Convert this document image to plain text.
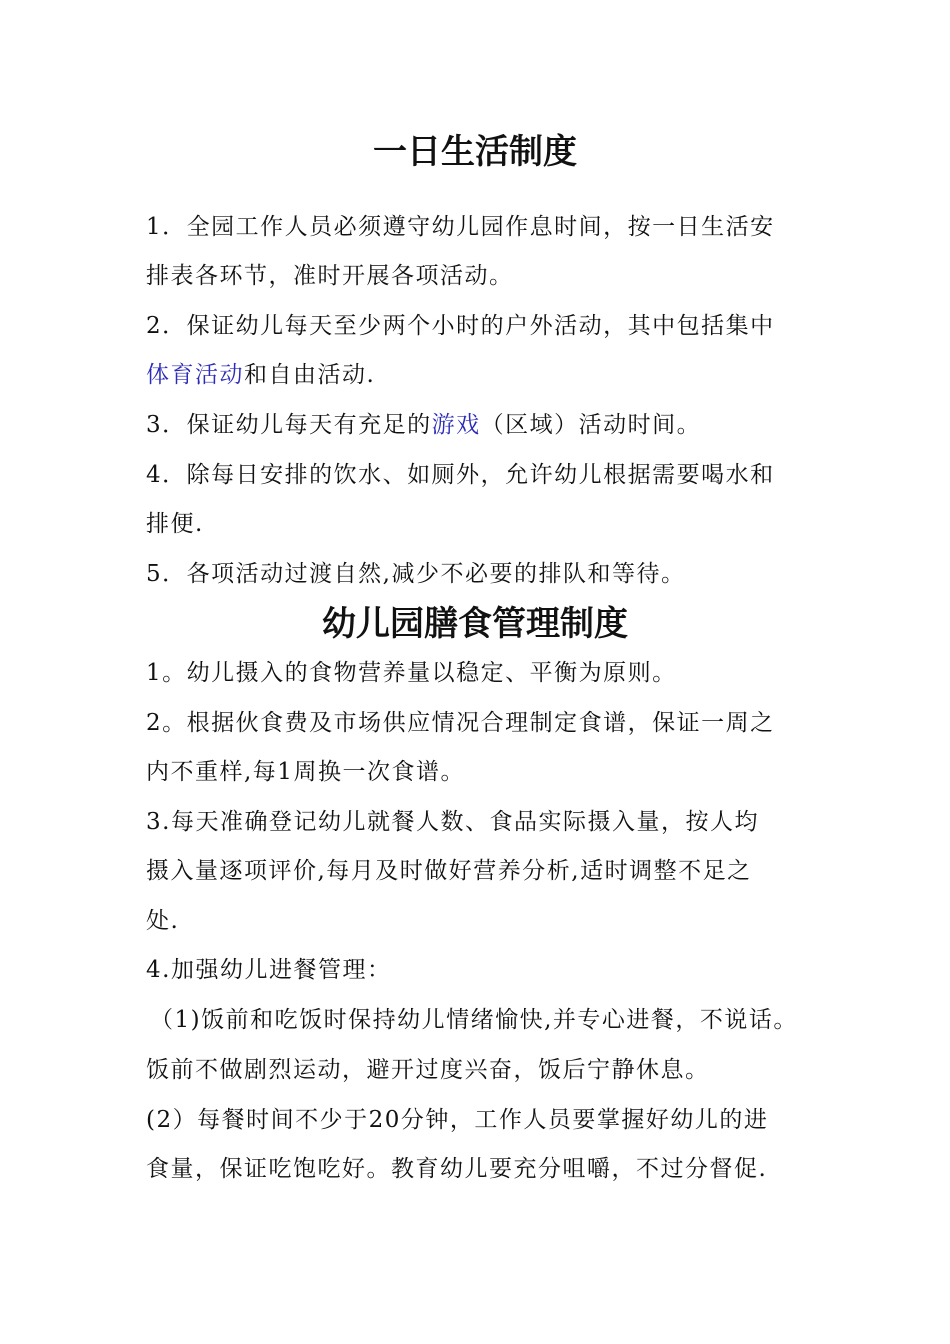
一日生活制度
1．全园工作人员必须遵守幼儿园作息时间，按一日生活安
排表各环节，准时开展各项活动。
2．保证幼儿每天至少两个小时的户外活动，其中包括集中
体育活动和自由活动.
3．保证幼儿每天有充足的游戏（区域）活动时间。
4．除每日安排的饮水、如厕外，允许幼儿根据需要喝水和
排便.
5．各项活动过渡自然,减少不必要的排队和等待。
幼儿园膳食管理制度
1。幼儿摄入的食物营养量以稳定、平衡为原则。
2。根据伙食费及市场供应情况合理制定食谱，保证一周之
内不重样,每1周换一次食谱。
3.每天准确登记幼儿就餐人数、食品实际摄入量，按人均
摄入量逐项评价,每月及时做好营养分析,适时调整不足之
处.
4.加强幼儿进餐管理：
（1)饭前和吃饭时保持幼儿情绪愉快,并专心进餐，不说话。
饭前不做剧烈运动，避开过度兴奋，饭后宁静休息。
(2）每餐时间不少于20分钟，工作人员要掌握好幼儿的进
食量，保证吃饱吃好。教育幼儿要充分咀嚼，不过分督促.
